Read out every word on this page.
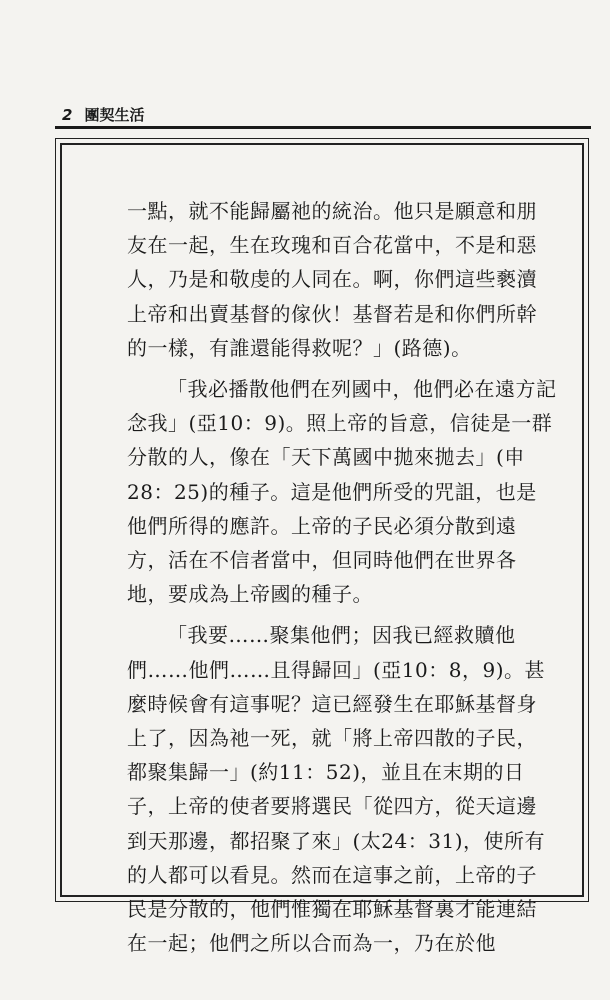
2 團契生活

一點，就不能歸屬祂的統治。他只是願意和朋友在一起，生在玫瑰和百合花當中，不是和惡人，乃是和敬虔的人同在。啊，你們這些褻瀆上帝和出賣基督的傢伙！基督若是和你們所幹的一樣，有誰還能得救呢？」(路德)。

「我必播散他們在列國中，他們必在遠方記念我」(亞10：9)。照上帝的旨意，信徒是一群分散的人，像在「天下萬國中拋來拋去」(申28：25)的種子。這是他們所受的咒詛，也是他們所得的應許。上帝的子民必須分散到遠方，活在不信者當中，但同時他們在世界各地，要成為上帝國的種子。

「我要……聚集他們；因我已經救贖他們……他們……且得歸回」(亞10：8，9)。甚麼時候會有這事呢？這已經發生在耶穌基督身上了，因為祂一死，就「將上帝四散的子民，都聚集歸一」(約11：52)，並且在末期的日子，上帝的使者要將選民「從四方，從天這邊到天那邊，都招聚了來」(太24：31)，使所有的人都可以看見。然而在這事之前，上帝的子民是分散的，他們惟獨在耶穌基督裏才能連結在一起；他們之所以合而為一，乃在於他
